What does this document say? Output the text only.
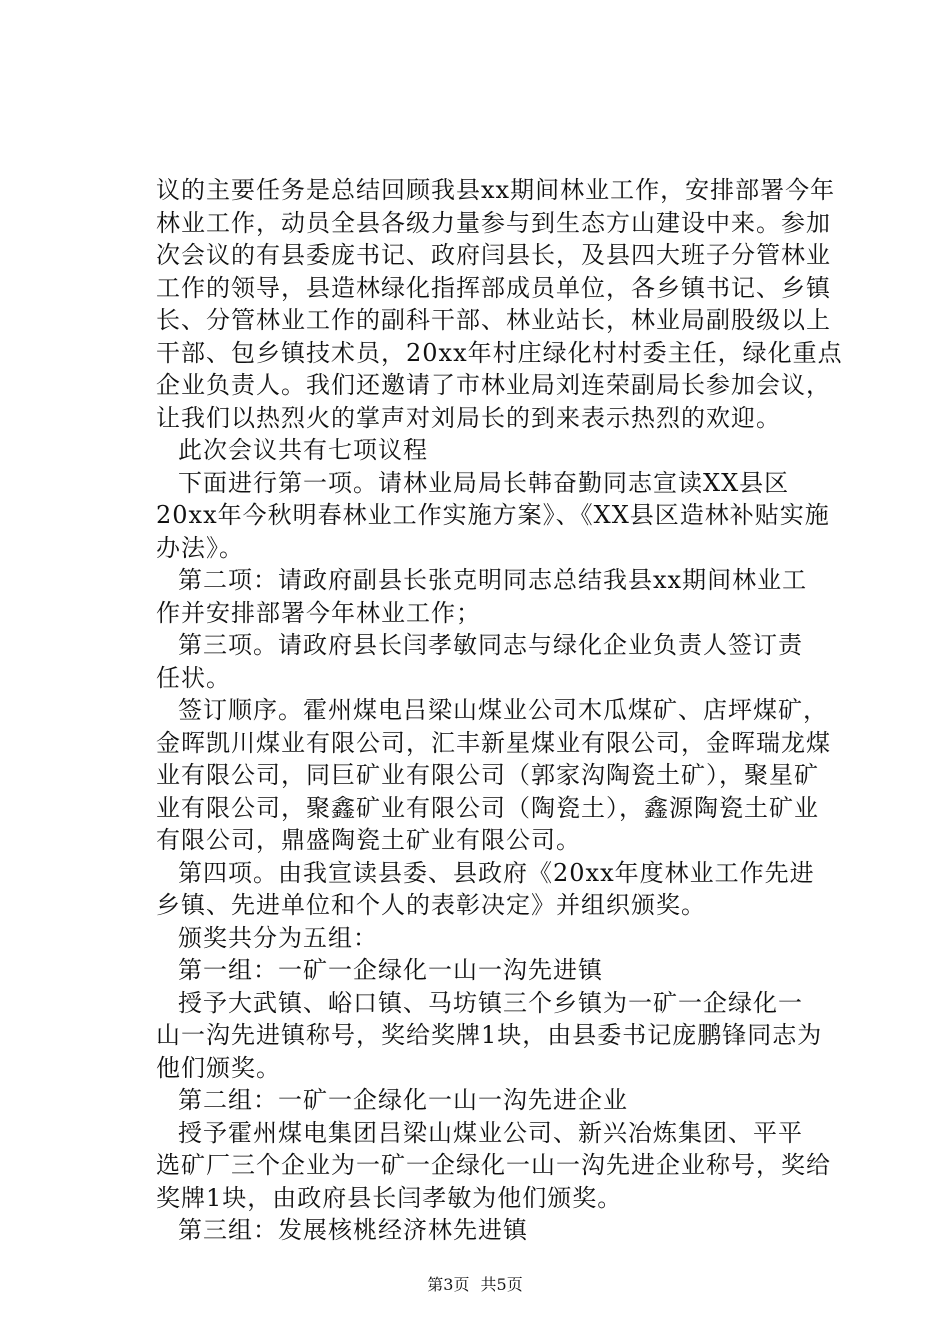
议的主要任务是总结回顾我县xx期间林业工作，安排部署今年
林业工作，动员全县各级力量参与到生态方山建设中来。参加
次会议的有县委庞书记、政府闫县长，及县四大班子分管林业
工作的领导，县造林绿化指挥部成员单位，各乡镇书记、乡镇
长、分管林业工作的副科干部、林业站长，林业局副股级以上
干部、包乡镇技术员，20xx年村庄绿化村村委主任，绿化重点
企业负责人。我们还邀请了市林业局刘连荣副局长参加会议，
让我们以热烈火的掌声对刘局长的到来表示热烈的欢迎。
此次会议共有七项议程
下面进行第一项。请林业局局长韩奋勤同志宣读XX县区
20xx年今秋明春林业工作实施方案》、《XX县区造林补贴实施
办法》。
第二项：请政府副县长张克明同志总结我县xx期间林业工
作并安排部署今年林业工作；
第三项。请政府县长闫孝敏同志与绿化企业负责人签订责
任状。
签订顺序。霍州煤电吕梁山煤业公司木瓜煤矿、店坪煤矿，
金晖凯川煤业有限公司，汇丰新星煤业有限公司，金晖瑞龙煤
业有限公司，同巨矿业有限公司（郭家沟陶瓷土矿），聚星矿
业有限公司，聚鑫矿业有限公司（陶瓷土），鑫源陶瓷土矿业
有限公司，鼎盛陶瓷土矿业有限公司。
第四项。由我宣读县委、县政府《20xx年度林业工作先进
乡镇、先进单位和个人的表彰决定》并组织颁奖。
颁奖共分为五组：
第一组：一矿一企绿化一山一沟先进镇
授予大武镇、峪口镇、马坊镇三个乡镇为一矿一企绿化一
山一沟先进镇称号，奖给奖牌1块，由县委书记庞鹏锋同志为
他们颁奖。
第二组：一矿一企绿化一山一沟先进企业
授予霍州煤电集团吕梁山煤业公司、新兴冶炼集团、平平
选矿厂三个企业为一矿一企绿化一山一沟先进企业称号，奖给
奖牌1块，由政府县长闫孝敏为他们颁奖。
第三组：发展核桃经济林先进镇
第3页 共5页
